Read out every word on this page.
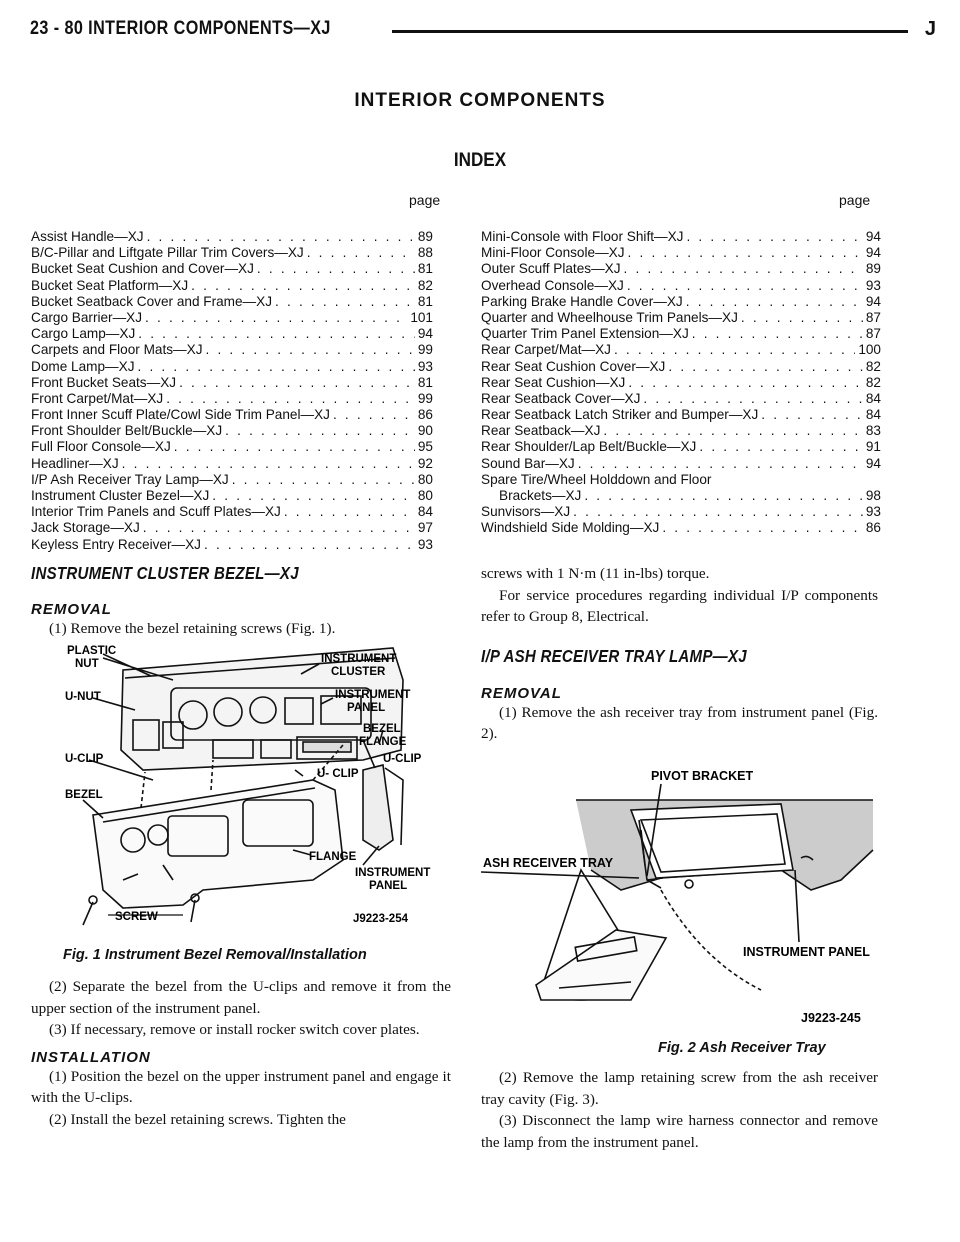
23 - 80 INTERIOR COMPONENTS—XJ	J
INTERIOR COMPONENTS
INDEX
page	page
Assist Handle—XJ . . .	89
B/C-Pillar and Liftgate Pillar Trim Covers—XJ . . .	88
Bucket Seat Cushion and Cover—XJ . . .	81
Bucket Seat Platform—XJ . . .	82
Bucket Seatback Cover and Frame—XJ . . .	81
Cargo Barrier—XJ . . .	101
Cargo Lamp—XJ . . .	94
Carpets and Floor Mats—XJ . . .	99
Dome Lamp—XJ . . .	93
Front Bucket Seats—XJ . . .	81
Front Carpet/Mat—XJ . . .	99
Front Inner Scuff Plate/Cowl Side Trim Panel—XJ . . .	86
Front Shoulder Belt/Buckle—XJ . . .	90
Full Floor Console—XJ . . .	95
Headliner—XJ . . .	92
I/P Ash Receiver Tray Lamp—XJ . . .	80
Instrument Cluster Bezel—XJ . . .	80
Interior Trim Panels and Scuff Plates—XJ . . .	84
Jack Storage—XJ . . .	97
Keyless Entry Receiver—XJ . . .	93
Mini-Console with Floor Shift—XJ . . .	94
Mini-Floor Console—XJ . . .	94
Outer Scuff Plates—XJ . . .	89
Overhead Console—XJ . . .	93
Parking Brake Handle Cover—XJ . . .	94
Quarter and Wheelhouse Trim Panels—XJ . . .	87
Quarter Trim Panel Extension—XJ . . .	87
Rear Carpet/Mat—XJ . . .	100
Rear Seat Cushion Cover—XJ . . .	82
Rear Seat Cushion—XJ . . .	82
Rear Seatback Cover—XJ . . .	84
Rear Seatback Latch Striker and Bumper—XJ . . .	84
Rear Seatback—XJ . . .	83
Rear Shoulder/Lap Belt/Buckle—XJ . . .	91
Sound Bar—XJ . . .	94
Spare Tire/Wheel Holddown and Floor
Brackets—XJ . . .	98
Sunvisors—XJ . . .	93
Windshield Side Molding—XJ . . .	86
INSTRUMENT CLUSTER BEZEL—XJ
REMOVAL

(1) Remove the bezel retaining screws (Fig. 1).

PLASTIC
NUT	INSTRUMENT
CLUSTER
INSTRUMENT
PANEL
U-NUT
BEZEL
FLANGE
U-CLIP
U-CLIP
U- CLIP
BEZEL
FLANGE
INSTRUMENT
PANEL
SCREW	J9223-254
Fig. 1 Instrument Bezel Removal/Installation

(2) Separate the bezel from the U-clips and remove it from the upper section of the instrument panel.

(3) If necessary, remove or install rocker switch cover plates.

INSTALLATION

(1) Position the bezel on the upper instrument panel and engage it with the U-clips.

(2) Install the bezel retaining screws. Tighten the

screws with 1 N·m (11 in-lbs) torque.

For service procedures regarding individual I/P components refer to Group 8, Electrical.

I/P ASH RECEIVER TRAY LAMP—XJ
REMOVAL

(1) Remove the ash receiver tray from instrument panel (Fig. 2).

PIVOT BRACKET
ASH RECEIVER TRAY
INSTRUMENT PANEL
J9223-245
Fig. 2 Ash Receiver Tray

(2) Remove the lamp retaining screw from the ash receiver tray cavity (Fig. 3).

(3) Disconnect the lamp wire harness connector and remove the lamp from the instrument panel.
